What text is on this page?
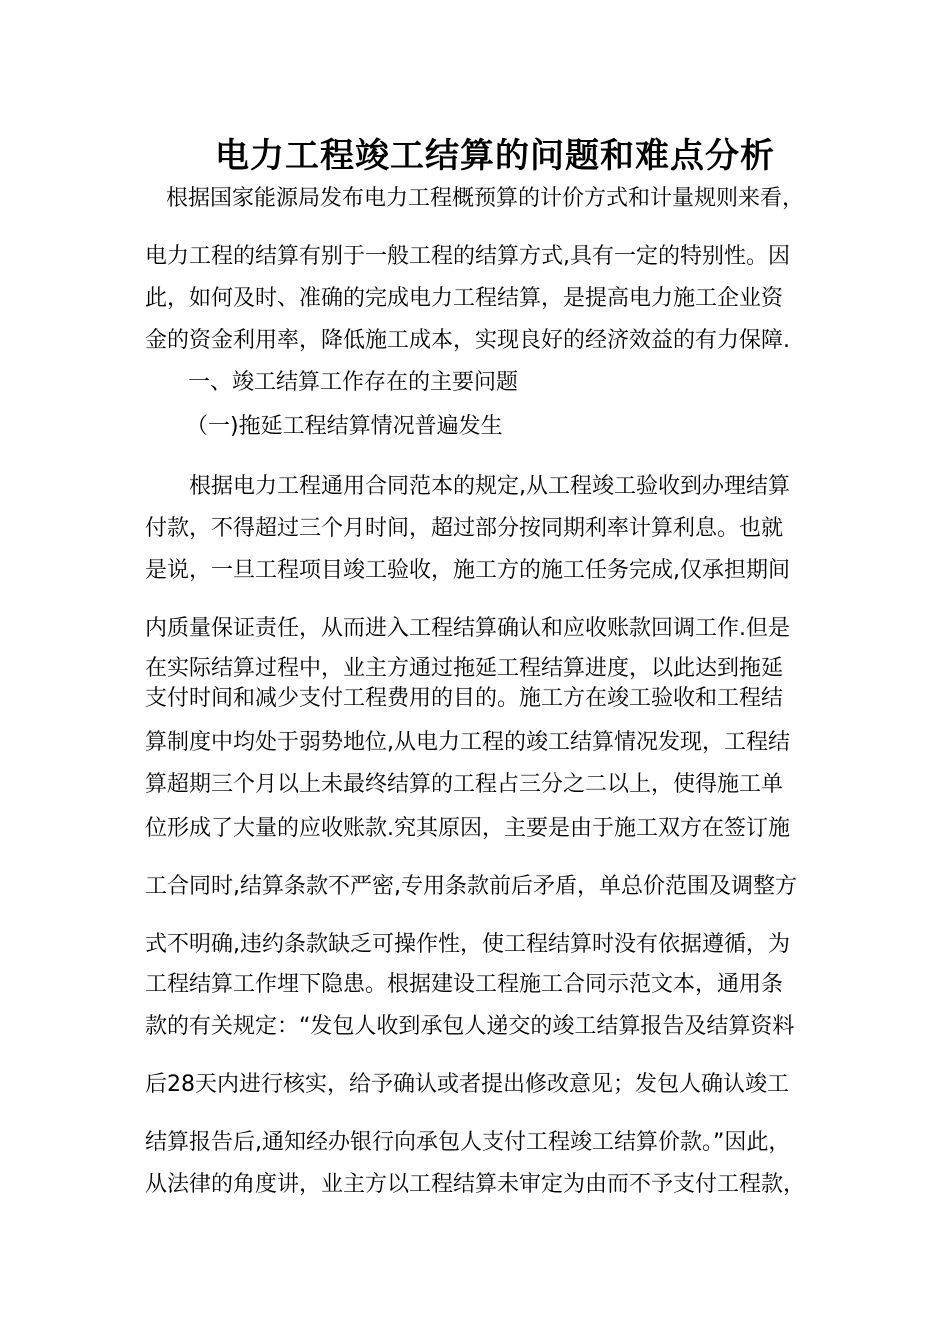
电力工程竣工结算的问题和难点分析

根据国家能源局发布电力工程概预算的计价方式和计量规则来看，

电力工程的结算有别于一般工程的结算方式,具有一定的特别性。因

此，如何及时、准确的完成电力工程结算，是提高电力施工企业资

金的资金利用率，降低施工成本，实现良好的经济效益的有力保障.

一、竣工结算工作存在的主要问题

（一)拖延工程结算情况普遍发生

根据电力工程通用合同范本的规定,从工程竣工验收到办理结算

付款，不得超过三个月时间，超过部分按同期利率计算利息。也就

是说，一旦工程项目竣工验收，施工方的施工任务完成,仅承担期间

内质量保证责任，从而进入工程结算确认和应收账款回调工作.但是

在实际结算过程中，业主方通过拖延工程结算进度，以此达到拖延

支付时间和减少支付工程费用的目的。施工方在竣工验收和工程结

算制度中均处于弱势地位,从电力工程的竣工结算情况发现，工程结

算超期三个月以上未最终结算的工程占三分之二以上，使得施工单

位形成了大量的应收账款.究其原因，主要是由于施工双方在签订施

工合同时,结算条款不严密,专用条款前后矛盾，单总价范围及调整方

式不明确,违约条款缺乏可操作性，使工程结算时没有依据遵循，为

工程结算工作埋下隐患。根据建设工程施工合同示范文本，通用条

款的有关规定：“发包人收到承包人递交的竣工结算报告及结算资料

后28天内进行核实，给予确认或者提出修改意见；发包人确认竣工

结算报告后,通知经办银行向承包人支付工程竣工结算价款。”因此，

从法律的角度讲，业主方以工程结算未审定为由而不予支付工程款，
